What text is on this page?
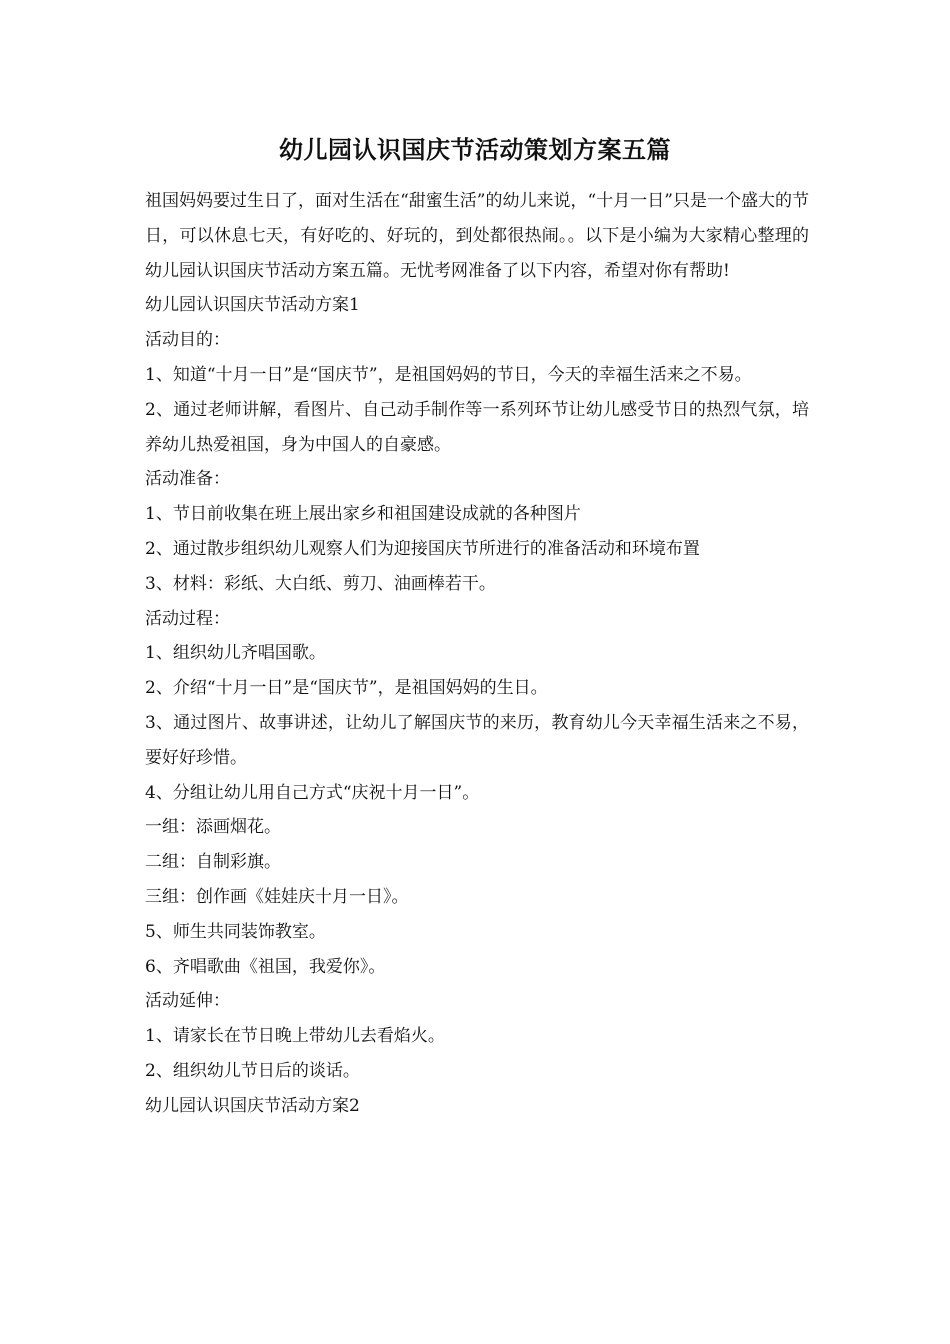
幼儿园认识国庆节活动策划方案五篇

祖国妈妈要过生日了，面对生活在“甜蜜生活”的幼儿来说，“十月一日”只是一个盛大的节日，可以休息七天，有好吃的、好玩的，到处都很热闹。。以下是小编为大家精心整理的幼儿园认识国庆节活动方案五篇。无忧考网准备了以下内容，希望对你有帮助!

幼儿园认识国庆节活动方案1

活动目的：

1、知道“十月一日”是“国庆节”，是祖国妈妈的节日，今天的幸福生活来之不易。

2、通过老师讲解，看图片、自己动手制作等一系列环节让幼儿感受节日的热烈气氛，培养幼儿热爱祖国，身为中国人的自豪感。

活动准备：

1、节日前收集在班上展出家乡和祖国建设成就的各种图片

2、通过散步组织幼儿观察人们为迎接国庆节所进行的准备活动和环境布置

3、材料：彩纸、大白纸、剪刀、油画棒若干。

活动过程：

1、组织幼儿齐唱国歌。

2、介绍“十月一日”是“国庆节”，是祖国妈妈的生日。

3、通过图片、故事讲述，让幼儿了解国庆节的来历，教育幼儿今天幸福生活来之不易，要好好珍惜。

4、分组让幼儿用自己方式“庆祝十月一日”。

一组：添画烟花。

二组：自制彩旗。

三组：创作画《娃娃庆十月一日》。

5、师生共同装饰教室。

6、齐唱歌曲《祖国，我爱你》。

活动延伸：

1、请家长在节日晚上带幼儿去看焰火。

2、组织幼儿节日后的谈话。

幼儿园认识国庆节活动方案2
